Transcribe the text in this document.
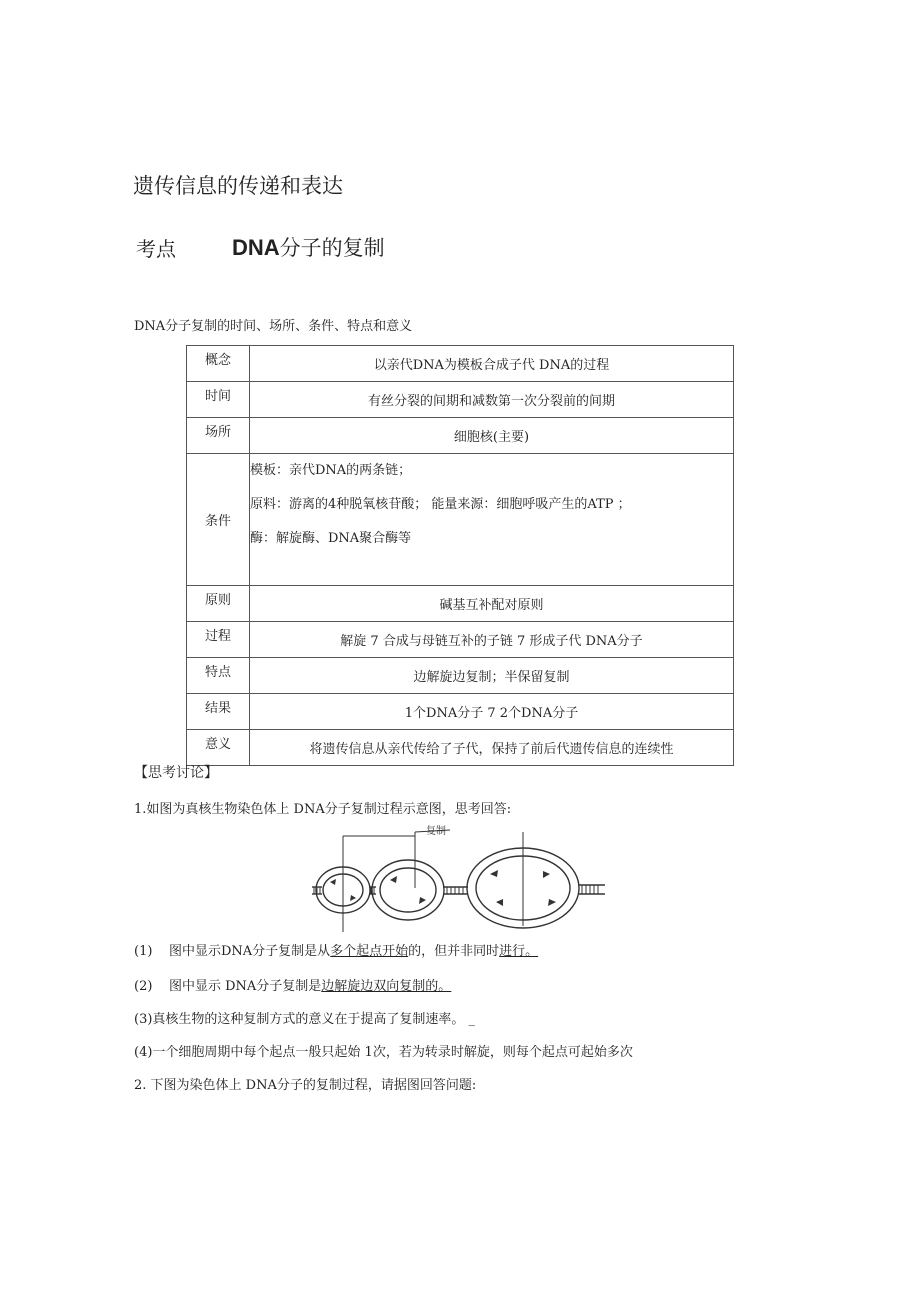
遗传信息的传递和表达
考点	DNA分子的复制
DNA分子复制的时间、场所、条件、特点和意义
概念	以亲代DNA为模板合成子代 DNA的过程
时间	有丝分裂的间期和减数第一次分裂前的间期
场所	细胞核(主要)
条件	模板：亲代DNA的两条链；
原料：游离的4种脱氧核苷酸； 能量来源：细胞呼吸产生的ATP ；
酶：解旋酶、DNA聚合酶等

原则	碱基互补配对原则
过程	解旋 7 合成与母链互补的子链 7 形成子代 DNA分子
特点	边解旋边复制；半保留复制
结果	1个DNA分子 7 2个DNA分子
意义	将遗传信息从亲代传给了子代，保持了前后代遗传信息的连续性
【思考讨论】
1.如图为真核生物染色体上 DNA分子复制过程示意图，思考回答:
复制
(1) 图中显示DNA分子复制是从多个起点开始的，但并非同时进行。
(2) 图中显示 DNA分子复制是边解旋边双向复制的。
(3)真核生物的这种复制方式的意义在于提高了复制速率。 _
(4)一个细胞周期中每个起点一般只起始 1次，若为转录时解旋，则每个起点可起始多次
2. 下图为染色体上 DNA分子的复制过程，请据图回答问题:
